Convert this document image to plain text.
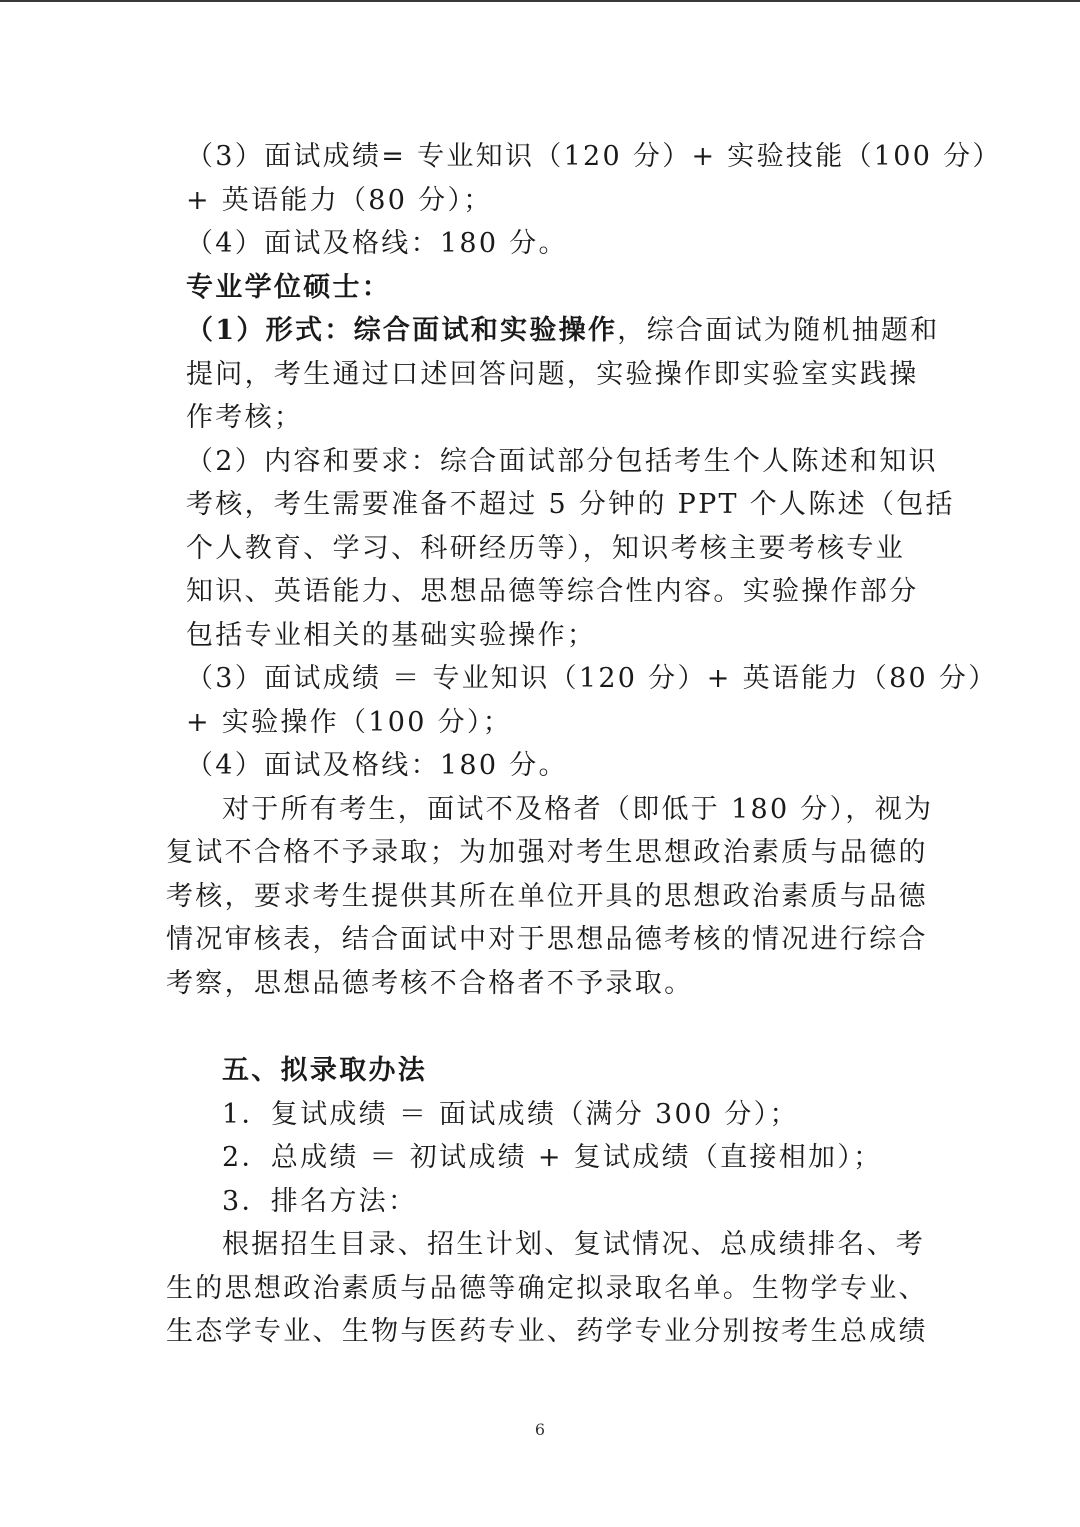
（3）面试成绩= 专业知识（120 分）+ 实验技能（100 分）
+ 英语能力（80 分）；
（4）面试及格线：180 分。
专业学位硕士：
（1）形式：综合面试和实验操作，综合面试为随机抽题和
提问，考生通过口述回答问题，实验操作即实验室实践操
作考核；
（2）内容和要求：综合面试部分包括考生个人陈述和知识
考核，考生需要准备不超过 5 分钟的 PPT 个人陈述（包括
个人教育、学习、科研经历等），知识考核主要考核专业
知识、英语能力、思想品德等综合性内容。实验操作部分
包括专业相关的基础实验操作；
（3）面试成绩 ＝ 专业知识（120 分）+ 英语能力（80 分）
+ 实验操作（100 分）；
（4）面试及格线：180 分。
对于所有考生，面试不及格者（即低于 180 分），视为
复试不合格不予录取；为加强对考生思想政治素质与品德的
考核，要求考生提供其所在单位开具的思想政治素质与品德
情况审核表，结合面试中对于思想品德考核的情况进行综合
考察，思想品德考核不合格者不予录取。
五、拟录取办法
1．复试成绩 ＝ 面试成绩（满分 300 分）；
2．总成绩 ＝ 初试成绩 + 复试成绩（直接相加）；
3．排名方法：
根据招生目录、招生计划、复试情况、总成绩排名、考
生的思想政治素质与品德等确定拟录取名单。生物学专业、
生态学专业、生物与医药专业、药学专业分别按考生总成绩
6
